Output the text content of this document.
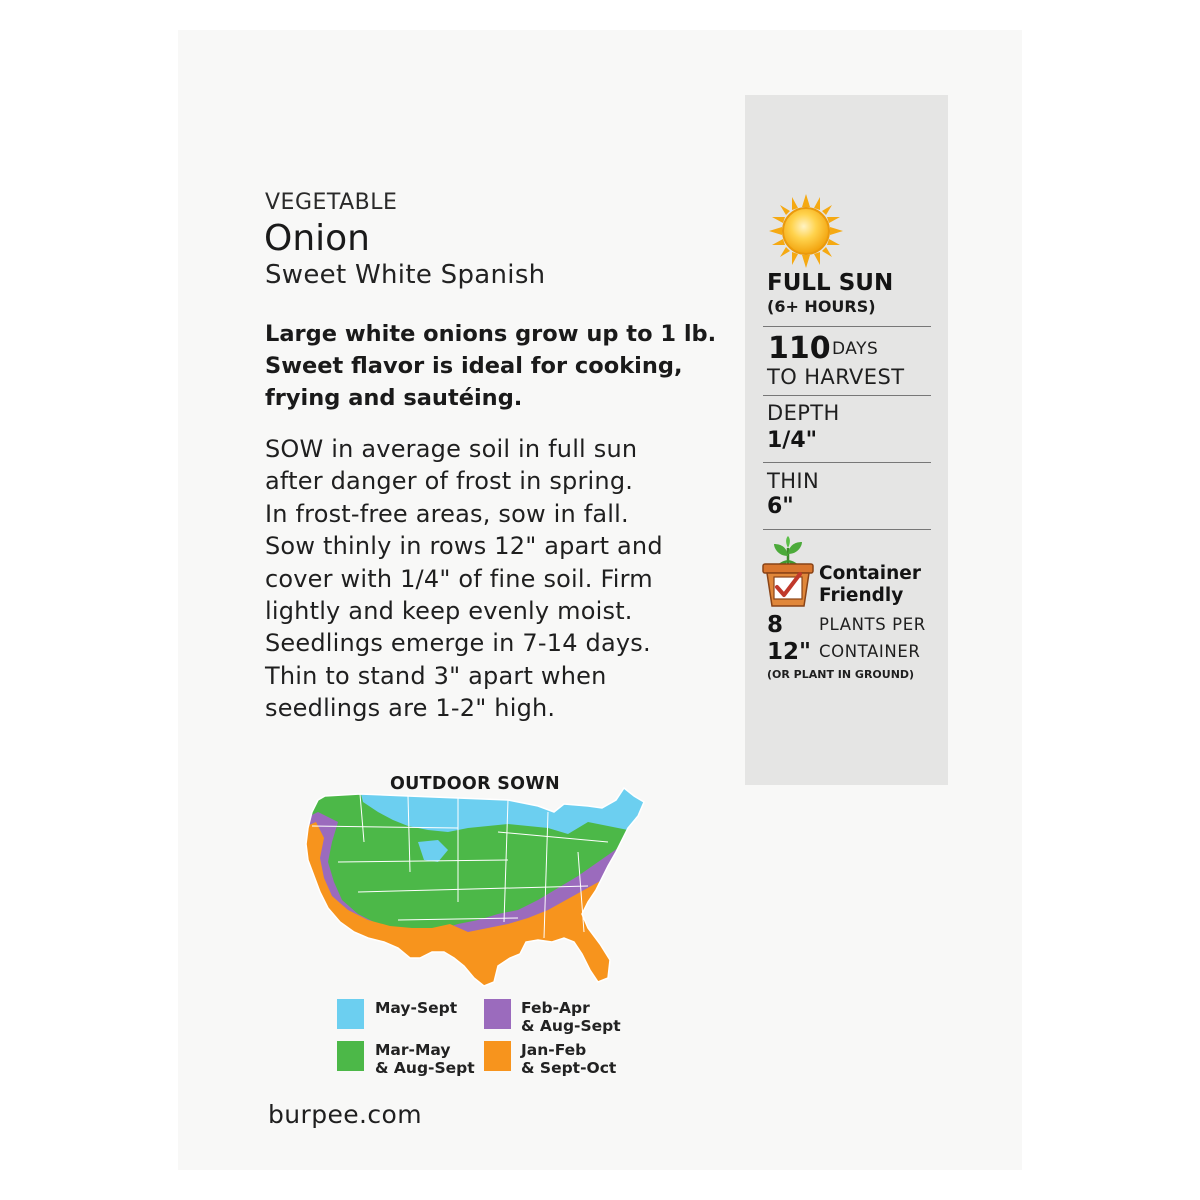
VEGETABLE
Onion
Sweet White Spanish
Large white onions grow up to 1 lb. Sweet flavor is ideal for cooking, frying and sautéing.
SOW in average soil in full sun
after danger of frost in spring.
In frost-free areas, sow in fall.
Sow thinly in rows 12" apart and
cover with 1/4" of fine soil. Firm
lightly and keep evenly moist.
Seedlings emerge in 7-14 days.
Thin to stand 3" apart when
seedlings are 1-2" high.
OUTDOOR SOWN
May-Sept	Feb-Apr
& Aug-Sept
Mar-May
& Aug-Sept
Jan-Feb
& Sept-Oct
burpee.com
FULL SUN
(6+ HOURS)
110 DAYS
TO HARVEST
DEPTH
1/4"
THIN
6"
Container
Friendly
8 PLANTS PER
12" CONTAINER
(OR PLANT IN GROUND)
